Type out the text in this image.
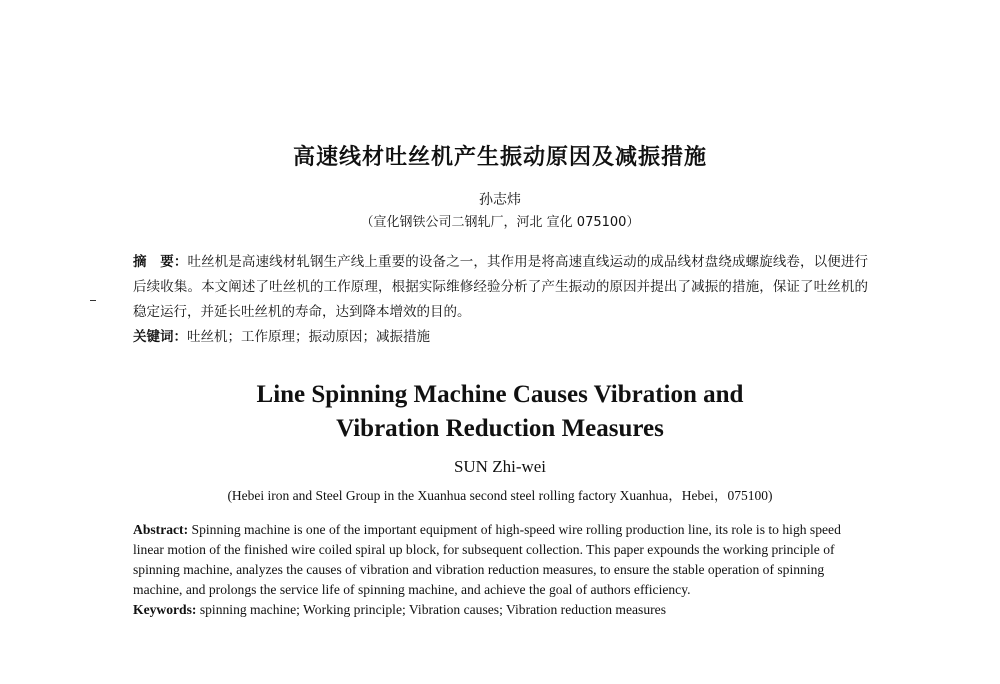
高速线材吐丝机产生振动原因及减振措施
孙志炜
（宣化钢铁公司二钢轧厂，河北 宣化 075100）
摘　要：吐丝机是高速线材轧钢生产线上重要的设备之一，其作用是将高速直线运动的成品线材盘绕成螺旋线卷，以便进行后续收集。本文阐述了吐丝机的工作原理，根据实际维修经验分析了产生振动的原因并提出了减振的措施，保证了吐丝机的稳定运行，并延长吐丝机的寿命，达到降本增效的目的。
关键词：吐丝机；工作原理；振动原因；减振措施
Line Spinning Machine Causes Vibration and
Vibration Reduction Measures
SUN Zhi-wei
(Hebei iron and Steel Group in the Xuanhua second steel rolling factory Xuanhua，Hebei，075100)
Abstract: Spinning machine is one of the important equipment of high-speed wire rolling production line, its role is to high speed linear motion of the finished wire coiled spiral up block, for subsequent collection. This paper expounds the working principle of spinning machine, analyzes the causes of vibration and vibration reduction measures, to ensure the stable operation of spinning machine, and prolongs the service life of spinning machine, and achieve the goal of authors efficiency.
Keywords: spinning machine; Working principle; Vibration causes; Vibration reduction measures
